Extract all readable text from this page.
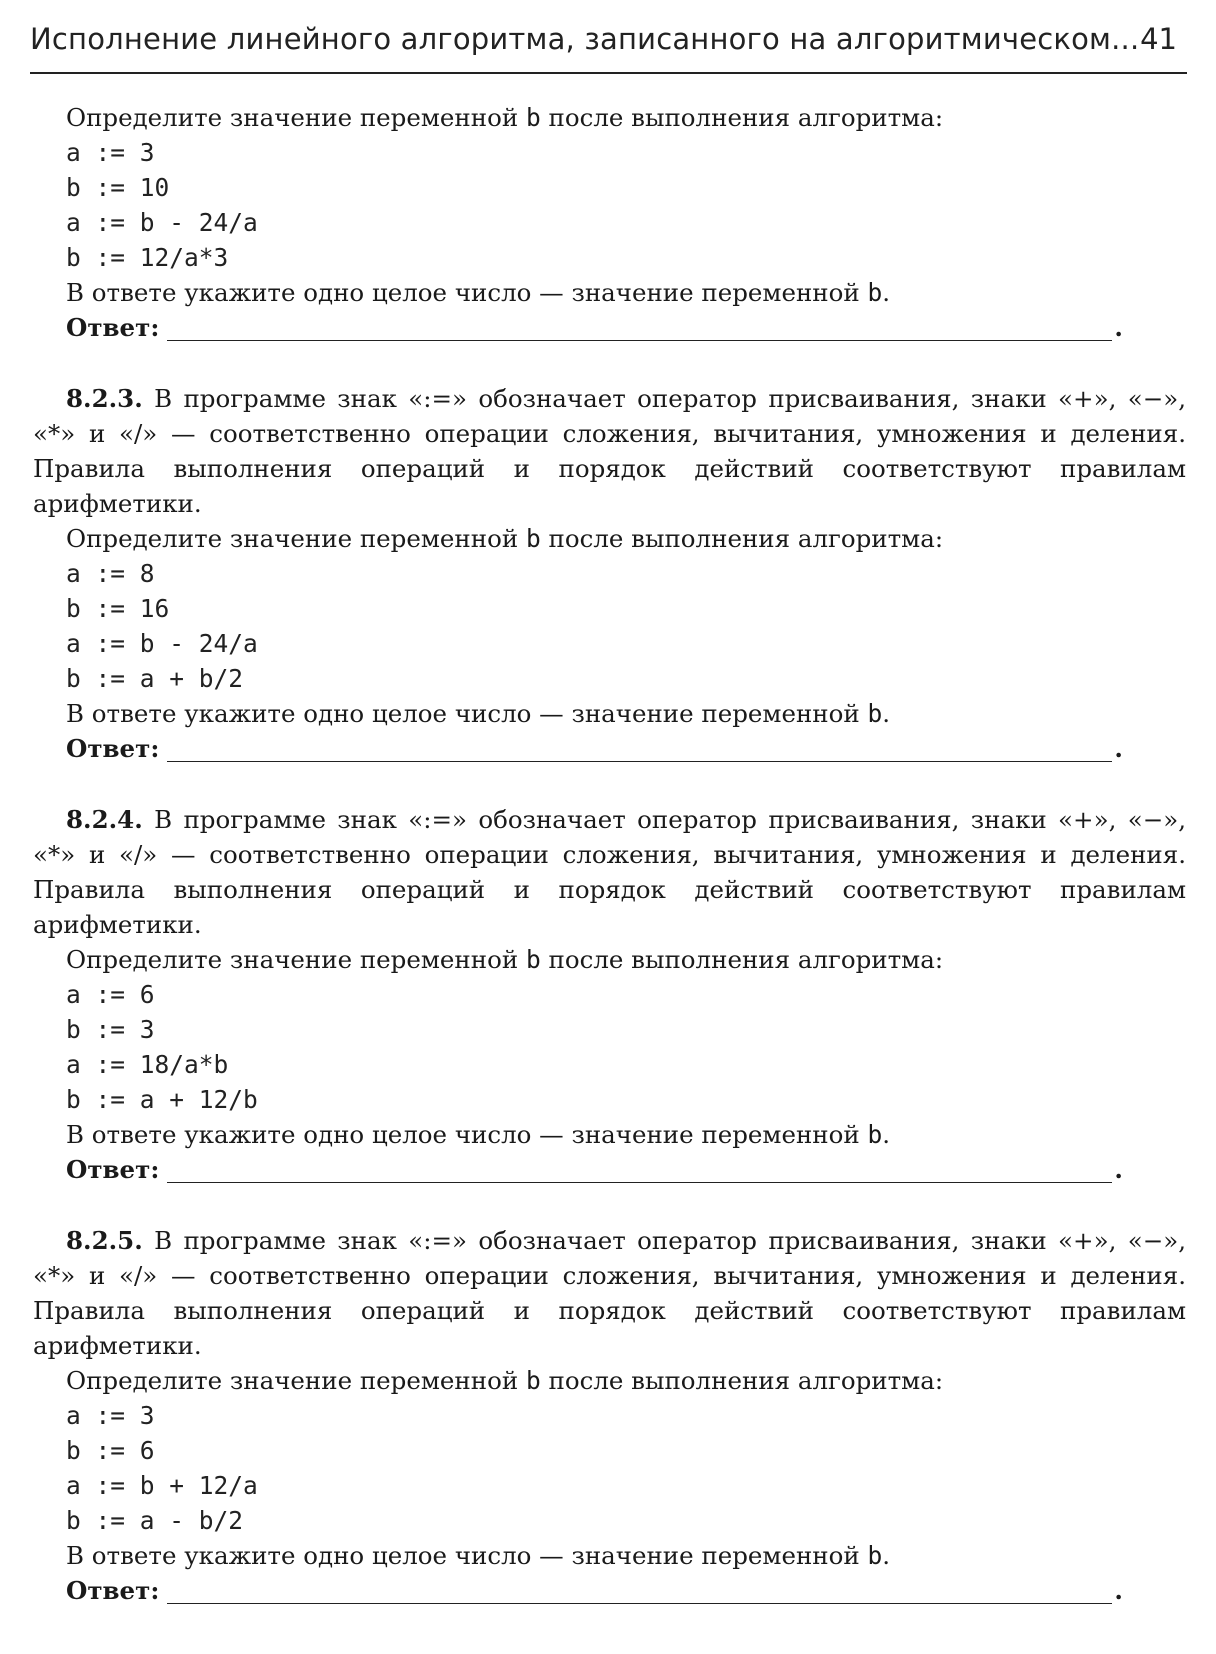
Исполнение линейного алгоритма, записанного на алгоритмическом... 41
Определите значение переменной b после выполнения алгоритма:
a := 3
b := 10
a := b - 24/a
b := 12/a*3
В ответе укажите одно целое число — значение переменной b.
Ответ:	.
8.2.3. В программе знак «:=» обозначает оператор присваивания, знаки «+», «−», «*» и «/» — соответственно операции сложения, вычитания, умножения и деления. Правила выполнения операций и порядок действий соответствуют правилам арифметики.
Определите значение переменной b после выполнения алгоритма:
a := 8
b := 16
a := b - 24/a
b := a + b/2
В ответе укажите одно целое число — значение переменной b.
Ответ:	.
8.2.4. В программе знак «:=» обозначает оператор присваивания, знаки «+», «−», «*» и «/» — соответственно операции сложения, вычитания, умножения и деления. Правила выполнения операций и порядок действий соответствуют правилам арифметики.
Определите значение переменной b после выполнения алгоритма:
a := 6
b := 3
a := 18/a*b
b := a + 12/b
В ответе укажите одно целое число — значение переменной b.
Ответ:	.
8.2.5. В программе знак «:=» обозначает оператор присваивания, знаки «+», «−», «*» и «/» — соответственно операции сложения, вычитания, умножения и деления. Правила выполнения операций и порядок действий соответствуют правилам арифметики.
Определите значение переменной b после выполнения алгоритма:
a := 3
b := 6
a := b + 12/a
b := a - b/2
В ответе укажите одно целое число — значение переменной b.
Ответ:	.
